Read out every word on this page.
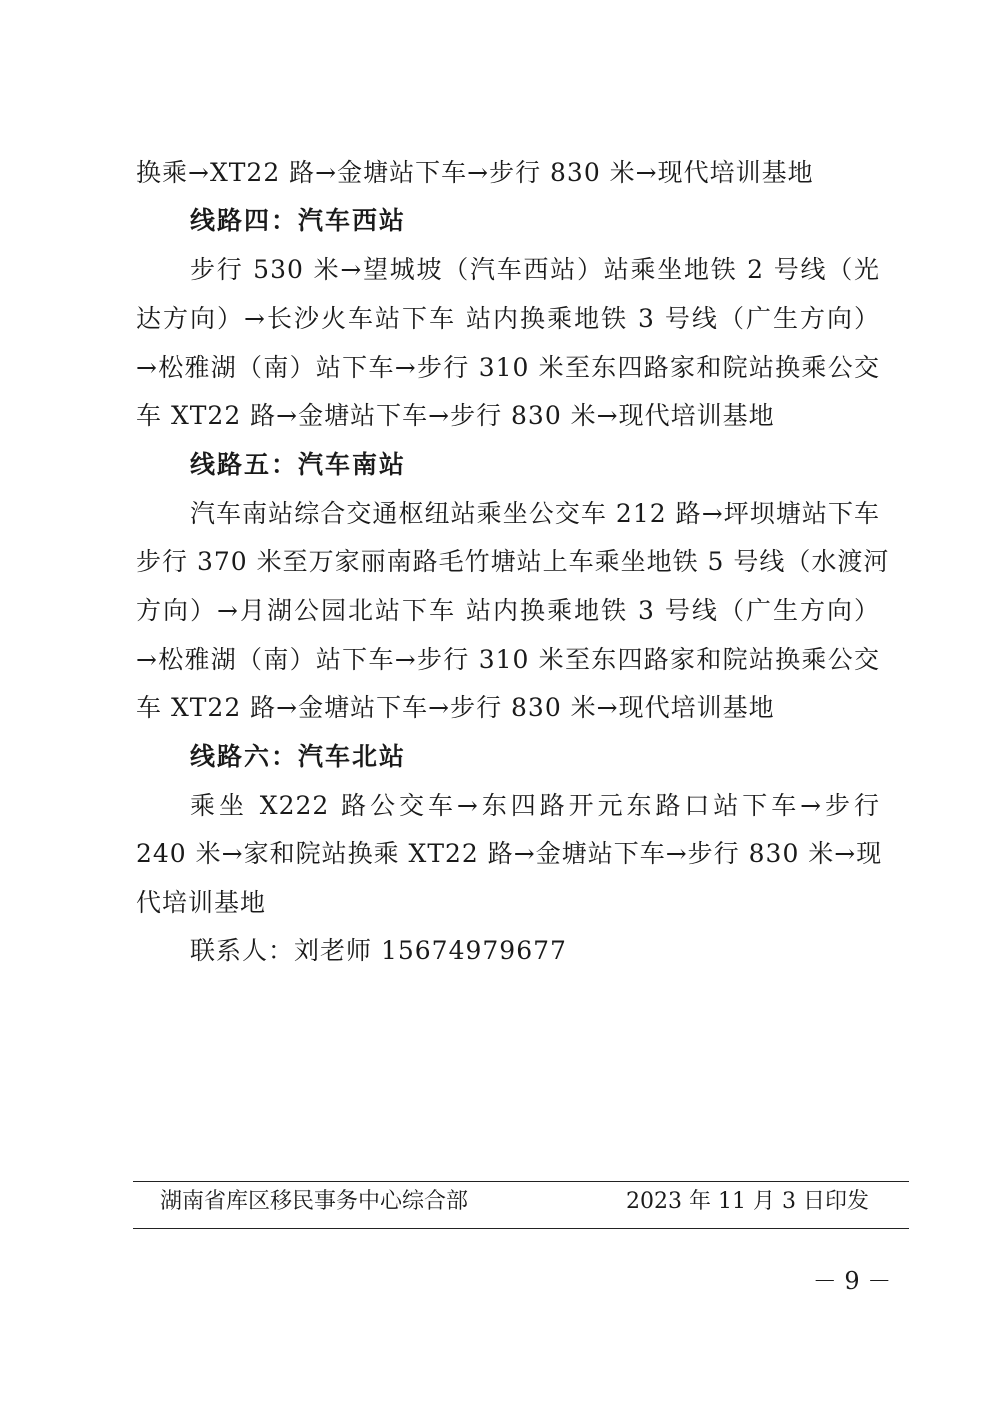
换乘→XT22 路→金塘站下车→步行 830 米→现代培训基地
线路四：汽车西站
步行 530 米→望城坡（汽车西站）站乘坐地铁 2 号线（光
达方向）→长沙火车站下车 站内换乘地铁 3 号线（广生方向）
→松雅湖（南）站下车→步行 310 米至东四路家和院站换乘公交
车 XT22 路→金塘站下车→步行 830 米→现代培训基地
线路五：汽车南站
汽车南站综合交通枢纽站乘坐公交车 212 路→坪坝塘站下车
步行 370 米至万家丽南路毛竹塘站上车乘坐地铁 5 号线（水渡河
方向）→月湖公园北站下车 站内换乘地铁 3 号线（广生方向）
→松雅湖（南）站下车→步行 310 米至东四路家和院站换乘公交
车 XT22 路→金塘站下车→步行 830 米→现代培训基地
线路六：汽车北站
乘坐 X222 路公交车→东四路开元东路口站下车→步行
240 米→家和院站换乘 XT22 路→金塘站下车→步行 830 米→现
代培训基地
联系人：刘老师 15674979677
湖南省库区移民事务中心综合部	2023 年 11 月 3 日印发
－ 9 －
